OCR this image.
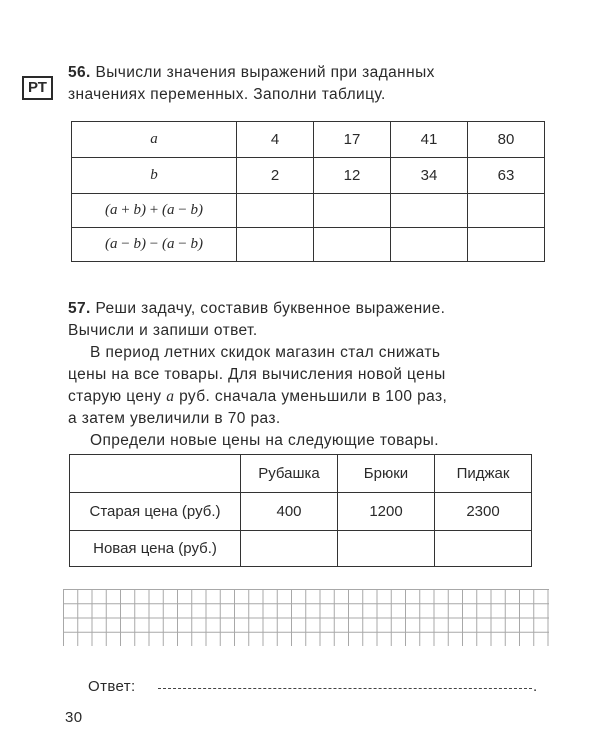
РТ

56. Вычисли значения выражений при заданных
значениях переменных. Заполни таблицу.

a	4	17	41	80
b	2	12	34	63
(a + b) + (a − b)				
(a − b) − (a − b)				

57. Реши задачу, составив буквенное выражение.
Вычисли и запиши ответ.
В период летних скидок магазин стал снижать
цены на все товары. Для вычисления новой цены
старую цену a руб. сначала уменьшили в 100 раз,
а затем увеличили в 70 раз.
Определи новые цены на следующие товары.

	Рубашка	Брюки	Пиджак
Старая цена (руб.)	400	1200	2300
Новая цена (руб.)			
Ответ:	.
30
